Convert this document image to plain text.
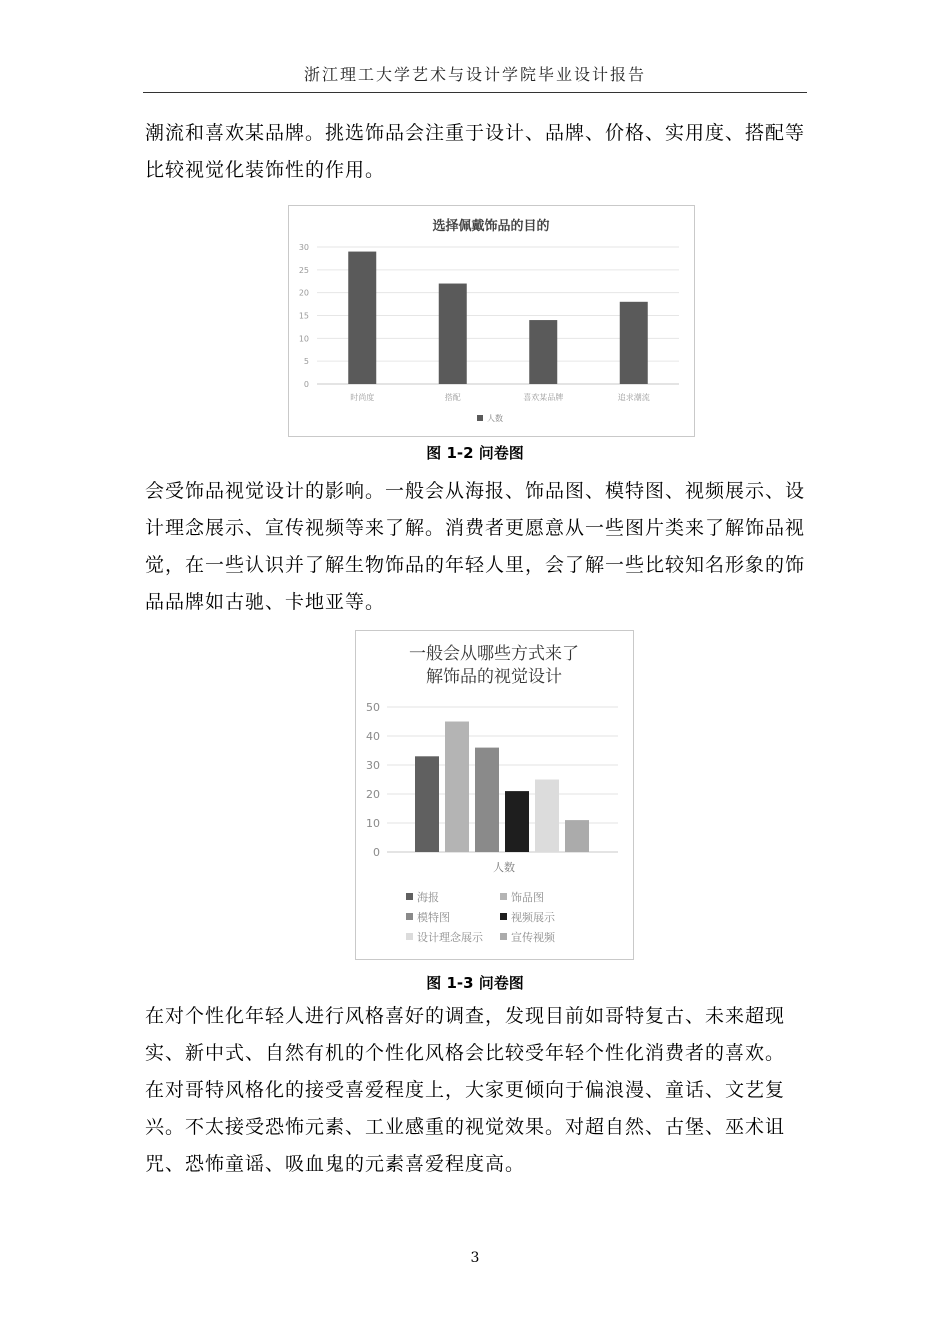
浙江理工大学艺术与设计学院毕业设计报告

潮流和喜欢某品牌。挑选饰品会注重于设计、品牌、价格、实用度、搭配等比较视觉化装饰性的作用。

选择佩戴饰品的目的
0
5
10
15
20
25
30
时尚度	搭配	喜欢某品牌	追求潮流
人数
图 1-2 问卷图

会受饰品视觉设计的影响。一般会从海报、饰品图、模特图、视频展示、设计理念展示、宣传视频等来了解。消费者更愿意从一些图片类来了解饰品视觉，在一些认识并了解生物饰品的年轻人里，会了解一些比较知名形象的饰品品牌如古驰、卡地亚等。

一般会从哪些方式来了
解饰品的视觉设计
0
10
20
30
40
50
人数
海报	饰品图
模特图	视频展示
设计理念展示	宣传视频
图 1-3 问卷图

在对个性化年轻人进行风格喜好的调查，发现目前如哥特复古、未来超现实、新中式、自然有机的个性化风格会比较受年轻个性化消费者的喜欢。

在对哥特风格化的接受喜爱程度上，大家更倾向于偏浪漫、童话、文艺复兴。不太接受恐怖元素、工业感重的视觉效果。对超自然、古堡、巫术诅咒、恐怖童谣、吸血鬼的元素喜爱程度高。

3
